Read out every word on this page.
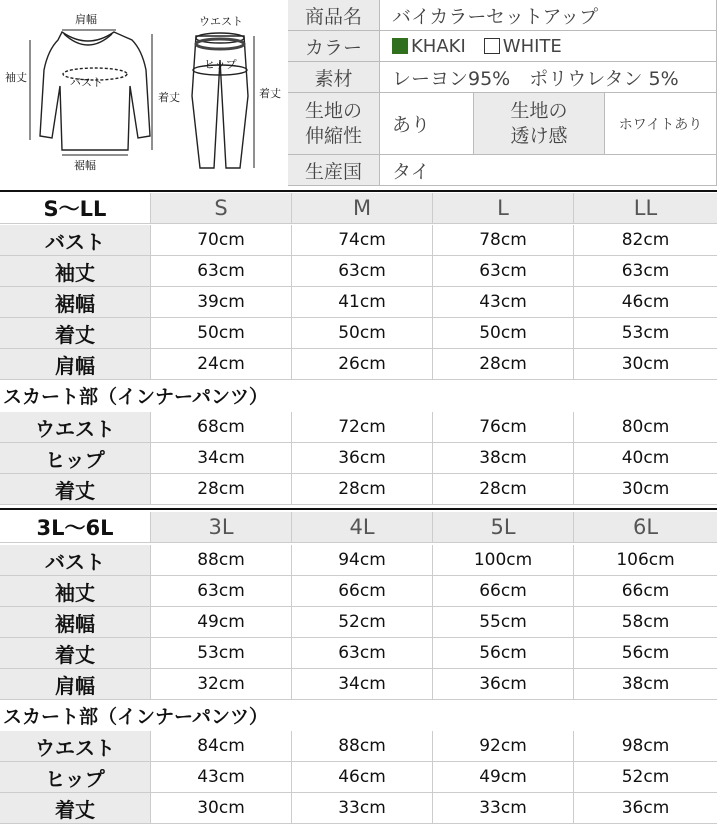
肩幅
バスト
袖丈
着丈
裾幅
ウエスト
ヒップ
着丈
商品名	バイカラーセットアップ
カラー	KHAKI WHITE
素材	レーヨン95%　ポリウレタン 5%
生地の
伸縮性	あり
生地の
透け感	ホワイトあり
生産国	タイ
S〜LL	S	M	L	LL
バスト	70cm	74cm	78cm	82cm
袖丈	63cm	63cm	63cm	63cm
裾幅	39cm	41cm	43cm	46cm
着丈	50cm	50cm	50cm	53cm
肩幅	24cm	26cm	28cm	30cm
スカート部（インナーパンツ）
ウエスト	68cm	72cm	76cm	80cm
ヒップ	34cm	36cm	38cm	40cm
着丈	28cm	28cm	28cm	30cm
3L〜6L	3L	4L	5L	6L
バスト	88cm	94cm	100cm	106cm
袖丈	63cm	66cm	66cm	66cm
裾幅	49cm	52cm	55cm	58cm
着丈	53cm	63cm	56cm	56cm
肩幅	32cm	34cm	36cm	38cm
スカート部（インナーパンツ）
ウエスト	84cm	88cm	92cm	98cm
ヒップ	43cm	46cm	49cm	52cm
着丈	30cm	33cm	33cm	36cm
